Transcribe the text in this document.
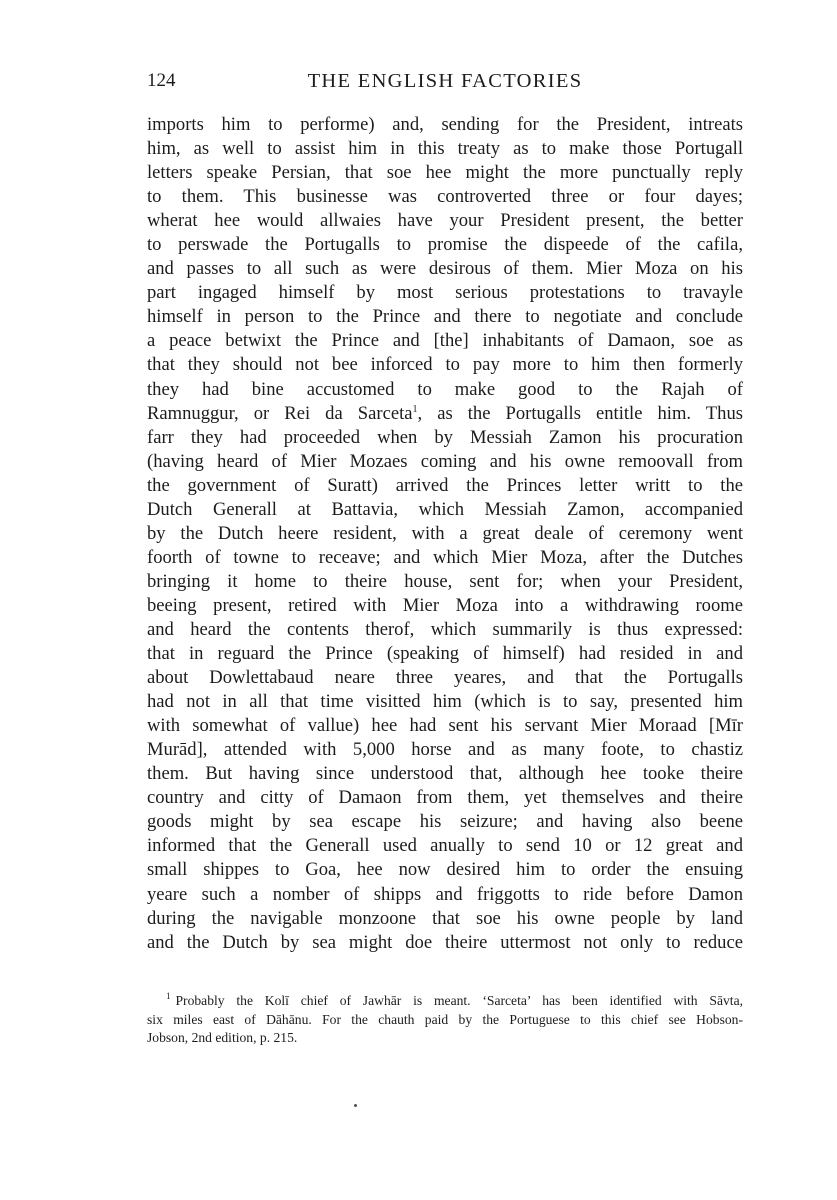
124	THE ENGLISH FACTORIES
imports him to performe) and, sending for the President, intreats
him, as well to assist him in this treaty as to make those Portugall
letters speake Persian, that soe hee might the more punctually reply
to them. This businesse was controverted three or four dayes;
wherat hee would allwaies have your President present, the better
to perswade the Portugalls to promise the dispeede of the cafila,
and passes to all such as were desirous of them. Mier Moza on his
part ingaged himself by most serious protestations to travayle
himself in person to the Prince and there to negotiate and conclude
a peace betwixt the Prince and [the] inhabitants of Damaon, soe as
that they should not bee inforced to pay more to him then formerly
they had bine accustomed to make good to the Rajah of
Ramnuggur, or Rei da Sarceta$^1$, as the Portugalls entitle him. Thus
farr they had proceeded when by Messiah Zamon his procuration
(having heard of Mier Mozaes coming and his owne remoovall from
the government of Suratt) arrived the Princes letter writt to the
Dutch Generall at Battavia, which Messiah Zamon, accompanied
by the Dutch heere resident, with a great deale of ceremony went
foorth of towne to receave; and which Mier Moza, after the Dutches
bringing it home to theire house, sent for; when your President,
beeing present, retired with Mier Moza into a withdrawing roome
and heard the contents therof, which summarily is thus expressed:
that in reguard the Prince (speaking of himself) had resided in and
about Dowlettabaud neare three yeares, and that the Portugalls
had not in all that time visitted him (which is to say, presented him
with somewhat of vallue) hee had sent his servant Mier Moraad [Mīr
Murād], attended with 5,000 horse and as many foote, to chastiz
them. But having since understood that, although hee tooke theire
country and citty of Damaon from them, yet themselves and theire
goods might by sea escape his seizure; and having also beene
informed that the Generall used anually to send 10 or 12 great and
small shippes to Goa, hee now desired him to order the ensuing
yeare such a nomber of shipps and friggotts to ride before Damon
during the navigable monzoone that soe his owne people by land
and the Dutch by sea might doe theire uttermost not only to reduce
$^1$ Probably the Kolī chief of Jawhār is meant. ‘Sarceta’ has been identified with Sāvta,
six miles east of Dāhānu. For the chauth paid by the Portuguese to this chief see Hobson-
Jobson, 2nd edition, p. 215.
